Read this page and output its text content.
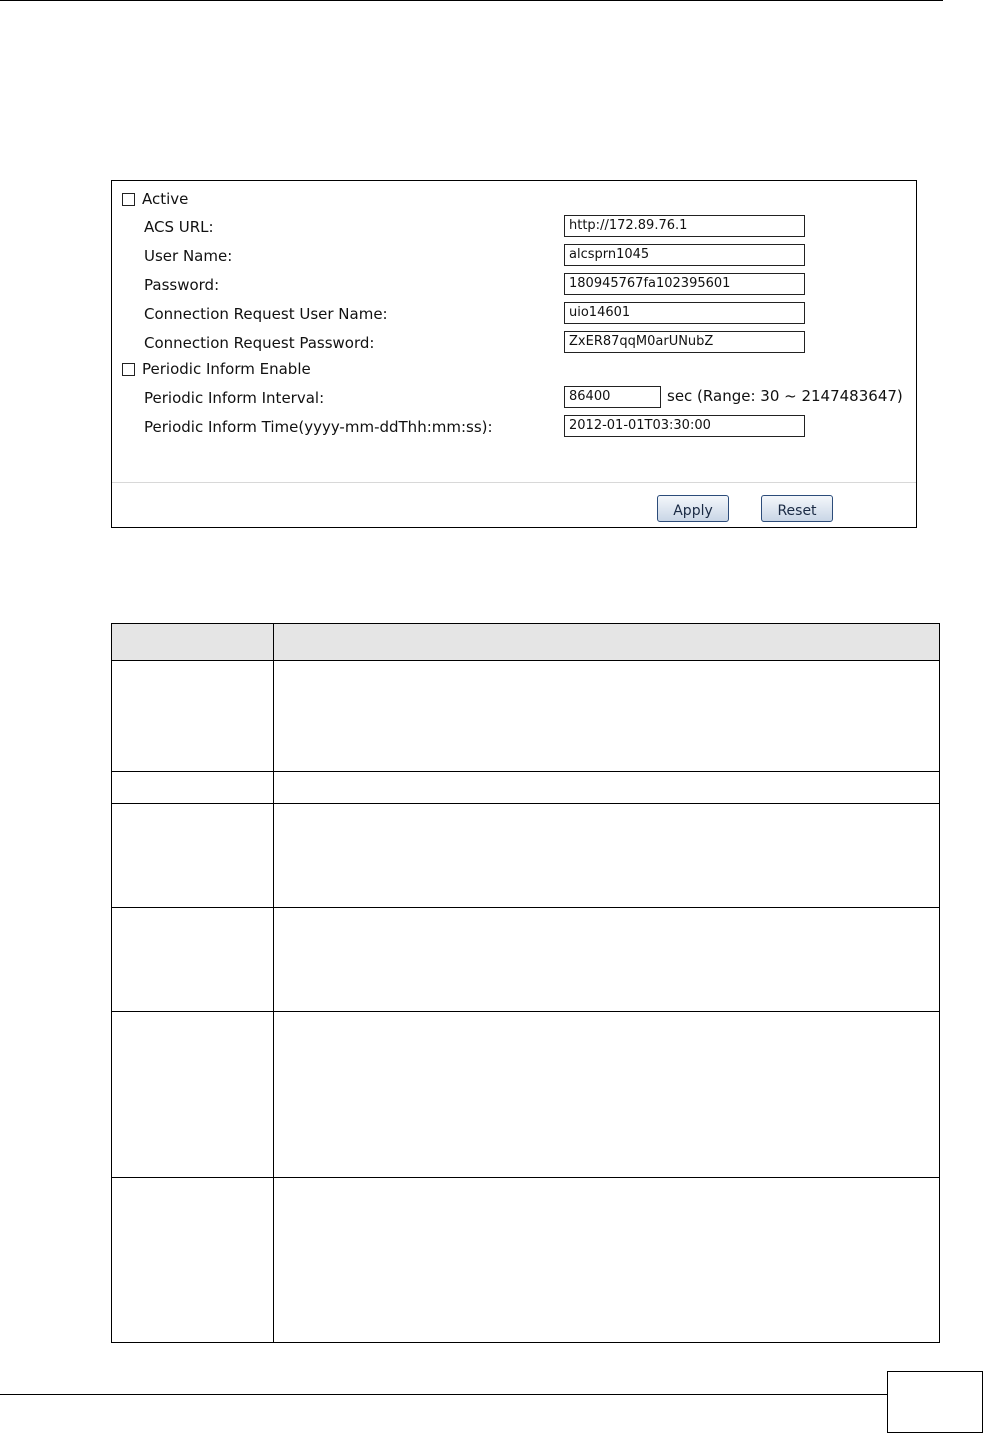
Active
ACS URL:	http://172.89.76.1
User Name:	alcsprn1045
Password:	180945767fa102395601
Connection Request User Name:	uio14601
Connection Request Password:	ZxER87qqM0arUNubZ
Periodic Inform Enable
Periodic Inform Interval:	86400	sec (Range: 30 ~ 2147483647)
Periodic Inform Time(yyyy-mm-ddThh:mm:ss):	2012-01-01T03:30:00
Apply	Reset
